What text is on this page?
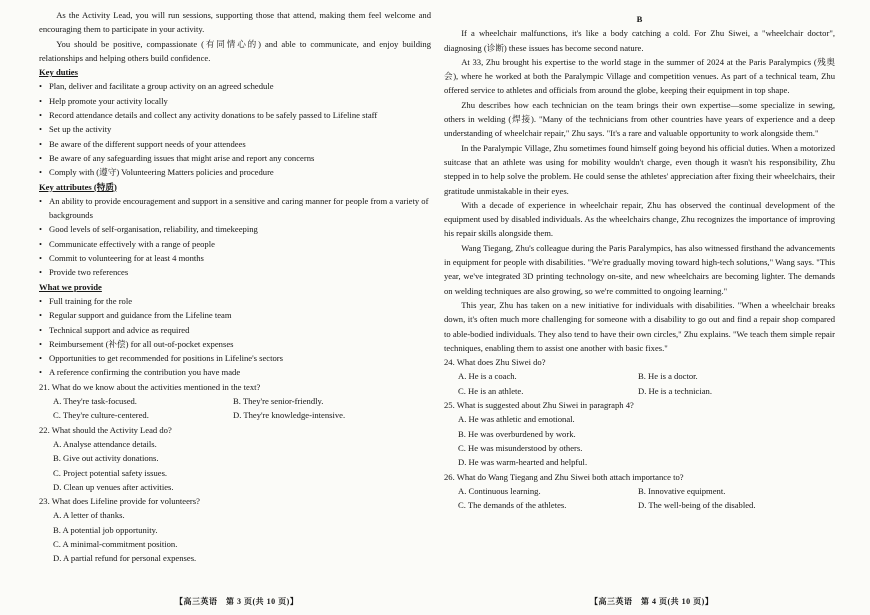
As the Activity Lead, you will run sessions, supporting those that attend, making them feel welcome and encouraging them to participate in your activity.

You should be positive, compassionate (有同情心的) and able to communicate, and enjoy building relationships and helping others build confidence.

Key duties

• Plan, deliver and facilitate a group activity on an agreed schedule

• Help promote your activity locally

• Record attendance details and collect any activity donations to be safely passed to Lifeline staff

• Set up the activity

• Be aware of the different support needs of your attendees

• Be aware of any safeguarding issues that might arise and report any concerns

• Comply with (遵守) Volunteering Matters policies and procedure

Key attributes (特质)

• An ability to provide encouragement and support in a sensitive and caring manner for people from a variety of backgrounds

• Good levels of self-organisation, reliability, and timekeeping

• Communicate effectively with a range of people

• Commit to volunteering for at least 4 months

• Provide two references

What we provide

• Full training for the role

• Regular support and guidance from the Lifeline team

• Technical support and advice as required

• Reimbursement (补偿) for all out-of-pocket expenses

• Opportunities to get recommended for positions in Lifeline's sectors

• A reference confirming the contribution you have made

21. What do we know about the activities mentioned in the text?

A. They're task-focused.	B. They're senior-friendly.
C. They're culture-centered.	D. They're knowledge-intensive.

22. What should the Activity Lead do?

A. Analyse attendance details.
B. Give out activity donations.
C. Project potential safety issues.
D. Clean up venues after activities.

23. What does Lifeline provide for volunteers?

A. A letter of thanks.
B. A potential job opportunity.
C. A minimal-commitment position.
D. A partial refund for personal expenses.

B

If a wheelchair malfunctions, it's like a body catching a cold. For Zhu Siwei, a "wheelchair doctor", diagnosing (诊断) these issues has become second nature.

At 33, Zhu brought his expertise to the world stage in the summer of 2024 at the Paris Paralympics (残奥会), where he worked at both the Paralympic Village and competition venues. As part of a technical team, Zhu offered service to athletes and officials from around the globe, keeping their equipment in top shape.

Zhu describes how each technician on the team brings their own expertise—some specialize in sewing, others in welding (焊接). "Many of the technicians from other countries have years of experience and a deep understanding of wheelchair repair," Zhu says. "It's a rare and valuable opportunity to work alongside them."

In the Paralympic Village, Zhu sometimes found himself going beyond his official duties. When a motorized suitcase that an athlete was using for mobility wouldn't charge, even though it wasn't his responsibility, Zhu stepped in to help solve the problem. He could sense the athletes' appreciation after fixing their wheelchairs, their gratitude unmistakable in their eyes.

With a decade of experience in wheelchair repair, Zhu has observed the continual development of the equipment used by disabled individuals. As the wheelchairs change, Zhu recognizes the importance of improving his repair skills alongside them.

Wang Tiegang, Zhu's colleague during the Paris Paralympics, has also witnessed firsthand the advancements in equipment for people with disabilities. "We're gradually moving toward high-tech solutions," Wang says. "This year, we've integrated 3D printing technology on-site, and new wheelchairs are becoming lighter. The demands on welding techniques are also growing, so we're committed to ongoing learning."

This year, Zhu has taken on a new initiative for individuals with disabilities. "When a wheelchair breaks down, it's often much more challenging for someone with a disability to go out and find a repair shop compared to able-bodied individuals. They also tend to have their own circles," Zhu explains. "We teach them simple repair techniques, enabling them to assist one another with basic fixes."

24. What does Zhu Siwei do?

A. He is a coach.	B. He is a doctor.
C. He is an athlete.	D. He is a technician.

25. What is suggested about Zhu Siwei in paragraph 4?

A. He was athletic and emotional.
B. He was overburdened by work.
C. He was misunderstood by others.
D. He was warm-hearted and helpful.

26. What do Wang Tiegang and Zhu Siwei both attach importance to?

A. Continuous learning.	B. Innovative equipment.
C. The demands of the athletes.	D. The well-being of the disabled.
【高三英语　第 3 页(共 10 页)】	【高三英语　第 4 页(共 10 页)】
